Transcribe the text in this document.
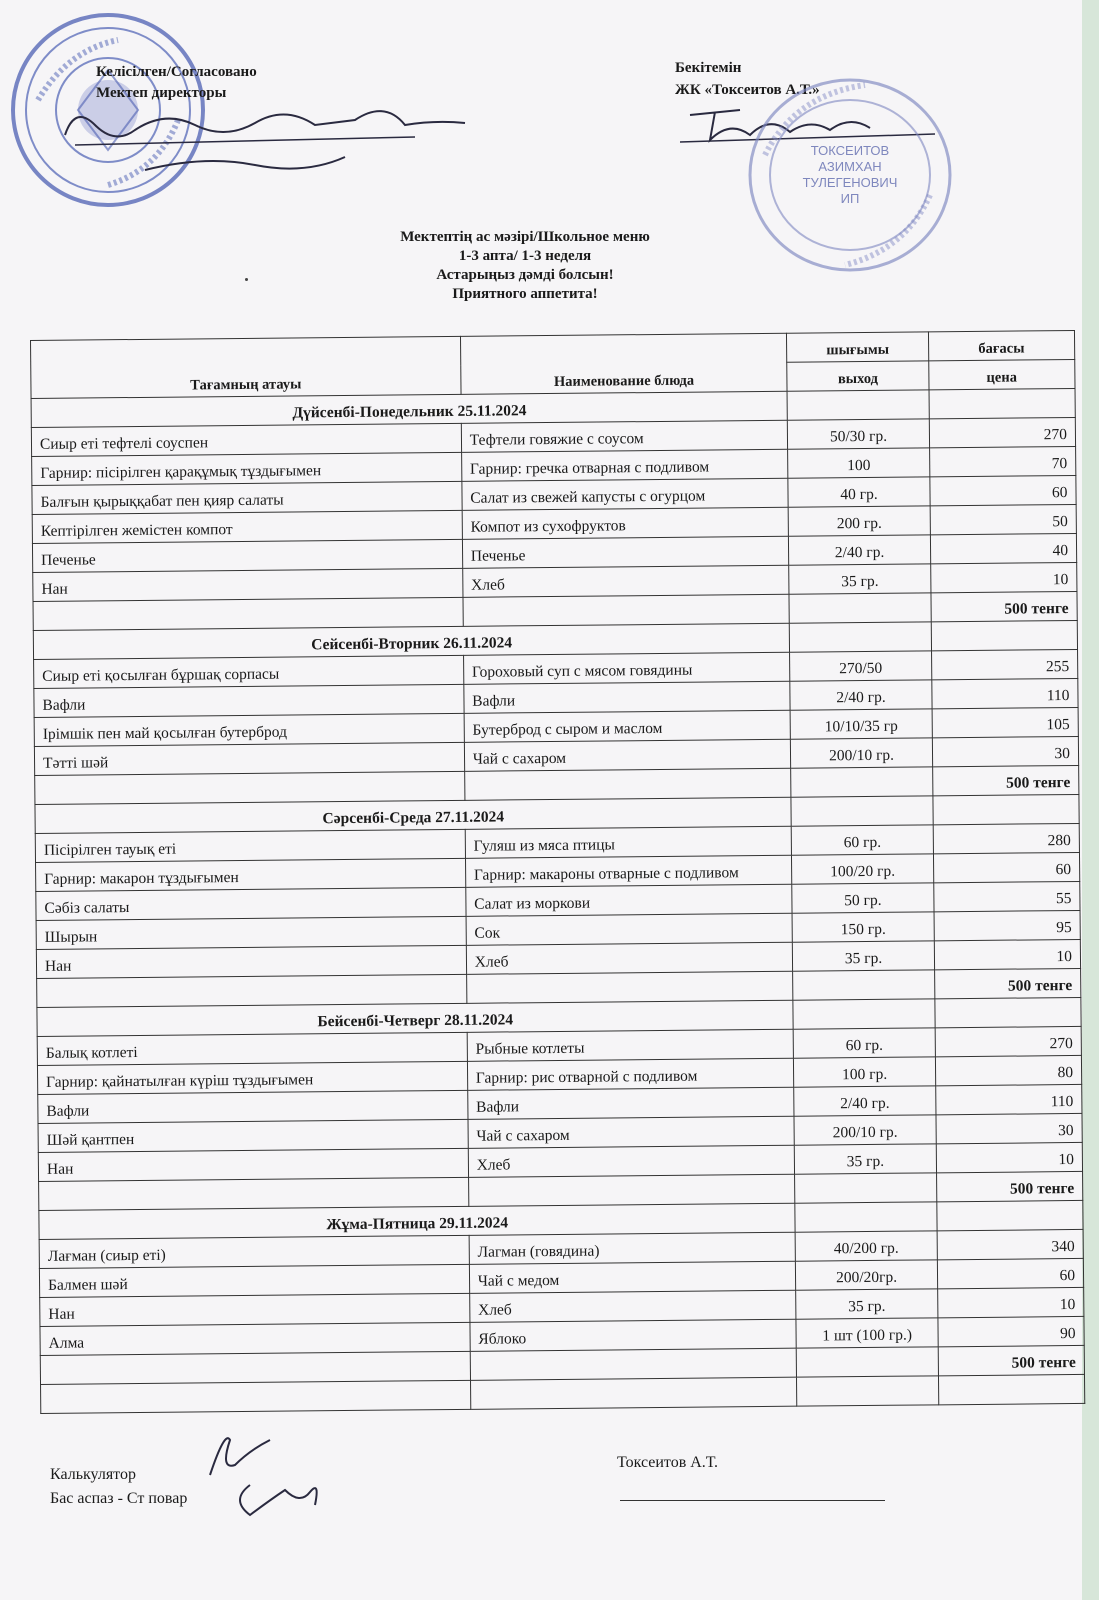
Келісілген/Согласовано
Мектеп директоры
Бекітемін
ЖК «Токсеитов А.Т.»
ТОКСЕИТОВ
АЗИМХАН
ТУЛЕГЕНОВИЧ
ИП
Мектептің ас мәзірі/Школьное меню
1-3 апта/ 1-3 неделя
Астарыңыз дәмді болсын!
Приятного аппетита!
Тағамның атауы	Наименование блюда	шығымы	бағасы
		выход	цена
Дүйсенбі-Понедельник 25.11.2024			
Сиыр еті тефтелі соуспен	Тефтели говяжие с соусом	50/30 гр.	270
Гарнир: пісірілген қарақұмық тұздығымен	Гарнир: гречка отварная с подливом	100	70
Балғын қырыққабат пен қияр салаты	Салат из свежей капусты с огурцом	40 гр.	60
Кептірілген жемістен компот	Компот из сухофруктов	200 гр.	50
Печенье	Печенье	2/40 гр.	40
Нан	Хлеб	35 гр.	10
			500 тенге
Сейсенбі-Вторник 26.11.2024			
Сиыр еті қосылған бұршақ сорпасы	Гороховый суп с мясом говядины	270/50	255
Вафли	Вафли	2/40 гр.	110
Ірімшік пен май қосылған бутерброд	Бутерброд с сыром и маслом	10/10/35 гр	105
Тәтті шәй	Чай с сахаром	200/10 гр.	30
			500 тенге
Сәрсенбі-Среда 27.11.2024			
Пісірілген тауық еті	Гуляш из мяса птицы	60 гр.	280
Гарнир: макарон тұздығымен	Гарнир: макароны отварные с подливом	100/20 гр.	60
Сәбіз салаты	Салат из моркови	50 гр.	55
Шырын	Сок	150 гр.	95
Нан	Хлеб	35 гр.	10
			500 тенге
Бейсенбі-Четверг 28.11.2024			
Балық котлеті	Рыбные котлеты	60 гр.	270
Гарнир: қайнатылған күріш тұздығымен	Гарнир: рис отварной с подливом	100 гр.	80
Вафли	Вафли	2/40 гр.	110
Шәй қантпен	Чай с сахаром	200/10 гр.	30
Нан	Хлеб	35 гр.	10
			500 тенге
Жұма-Пятница 29.11.2024			
Лағман (сиыр еті)	Лагман (говядина)	40/200 гр.	340
Балмен шәй	Чай с медом	200/20гр.	60
Нан	Хлеб	35 гр.	10
Алма	Яблоко	1 шт (100 гр.)	90
			500 тенге

Калькулятор
Бас аспаз - Ст повар
Токсеитов А.Т.
